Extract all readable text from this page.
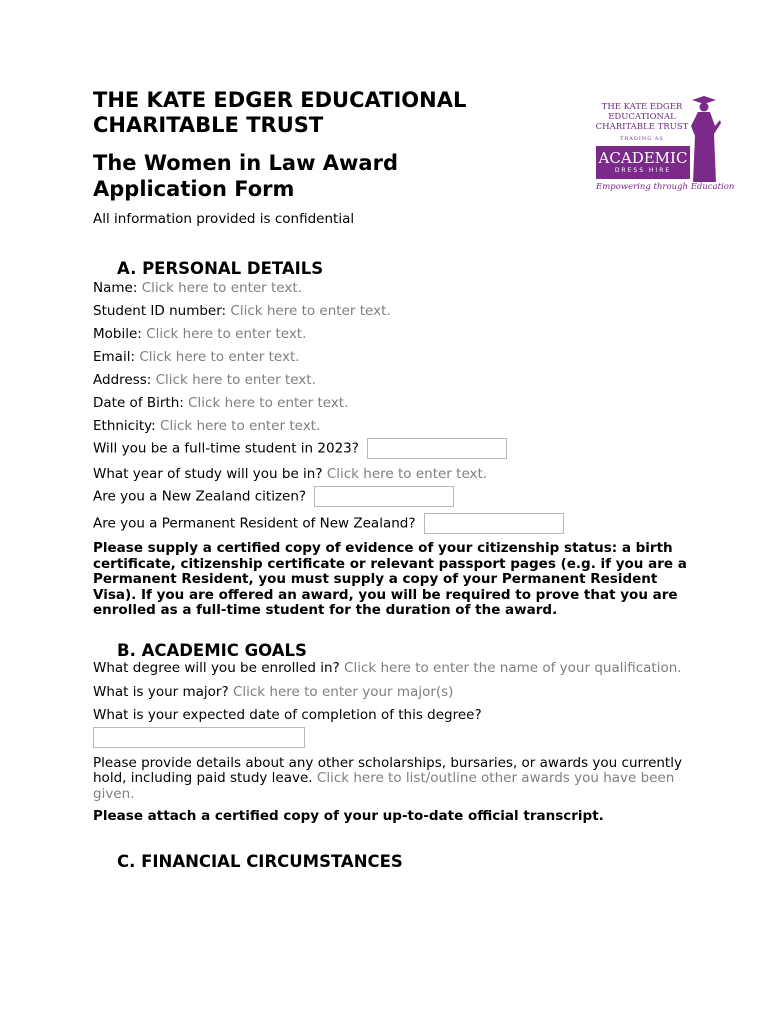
THE KATE EDGER EDUCATIONAL CHARITABLE TRUST
TRADING AS
ACADEMIC
DRESS HIRE
Empowering through Education
THE KATE EDGER EDUCATIONAL CHARITABLE TRUST
The Women in Law Award
Application Form

All information provided is confidential

A. PERSONAL DETAILS

Name: Click here to enter text.

Student ID number: Click here to enter text.

Mobile: Click here to enter text.

Email: Click here to enter text.

Address: Click here to enter text.

Date of Birth: Click here to enter text.

Ethnicity: Click here to enter text.

Will you be a full-time student in 2023?

What year of study will you be in? Click here to enter text.

Are you a New Zealand citizen?

Are you a Permanent Resident of New Zealand?

Please supply a certified copy of evidence of your citizenship status: a birth certificate, citizenship certificate or relevant passport pages (e.g. if you are a Permanent Resident, you must supply a copy of your Permanent Resident Visa). If you are offered an award, you will be required to prove that you are enrolled as a full-time student for the duration of the award.

B. ACADEMIC GOALS

What degree will you be enrolled in? Click here to enter the name of your qualification.

What is your major? Click here to enter your major(s)

What is your expected date of completion of this degree?

Please provide details about any other scholarships, bursaries, or awards you currently hold, including paid study leave. Click here to list/outline other awards you have been given.

Please attach a certified copy of your up-to-date official transcript.

C. FINANCIAL CIRCUMSTANCES
